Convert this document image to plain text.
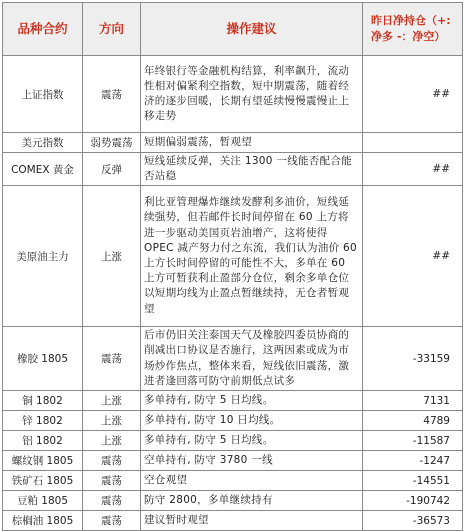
品种合约	方向	操作建议	昨日净持仓（+:
净多 -：净空）

上证指数	震荡	年终银行等金融机构结算，利率飙升，流动性相对偏紧利空指数，短中期震荡，随着经济的逐步回暖，长期有望延续慢慢震慢止上移走势	##
美元指数	弱势震荡	短期偏弱震荡，暂观望	
COMEX 黄金	反弹	短线延续反弹，关注 1300 一线能否配合能否站稳	##
美原油主力	上涨	利比亚管理爆炸继续发酵利多油价，短线延续强势，但若邮件长时间停留在 60 上方将进一步驱动美国页岩油增产，这将使得 OPEC 减产努力付之东流，我们认为油价 60 上方长时间停留的可能性不大，多单在 60 上方可暂获利止盈部分仓位，剩余多单仓位以短期均线为止盈点暂继续持，无仓者暂观望	##
橡胶 1805	震荡	后市仍旧关注泰国天气及橡胶四委员协商的削减出口协议是否施行，这两因素或成为市场炒作焦点，整体来看，短线依旧震荡，激进者逢回落可防守前期低点试多	-33159
铜 1802	上涨	多单持有, 防守 5 日均线。	7131
锌 1802	上涨	多单持有, 防守 10 日均线。	4789
铝 1802	上涨	多单持有, 防守 5 日均线。	-11587
螺纹钢 1805	震荡	空单持有, 防守 3780 一线	-1247
铁矿石 1805	震荡	空仓观望	-14551
豆粕 1805	震荡	防守 2800，多单继续持有	-190742
棕榈油 1805	震荡	建议暂时观望	-36573
